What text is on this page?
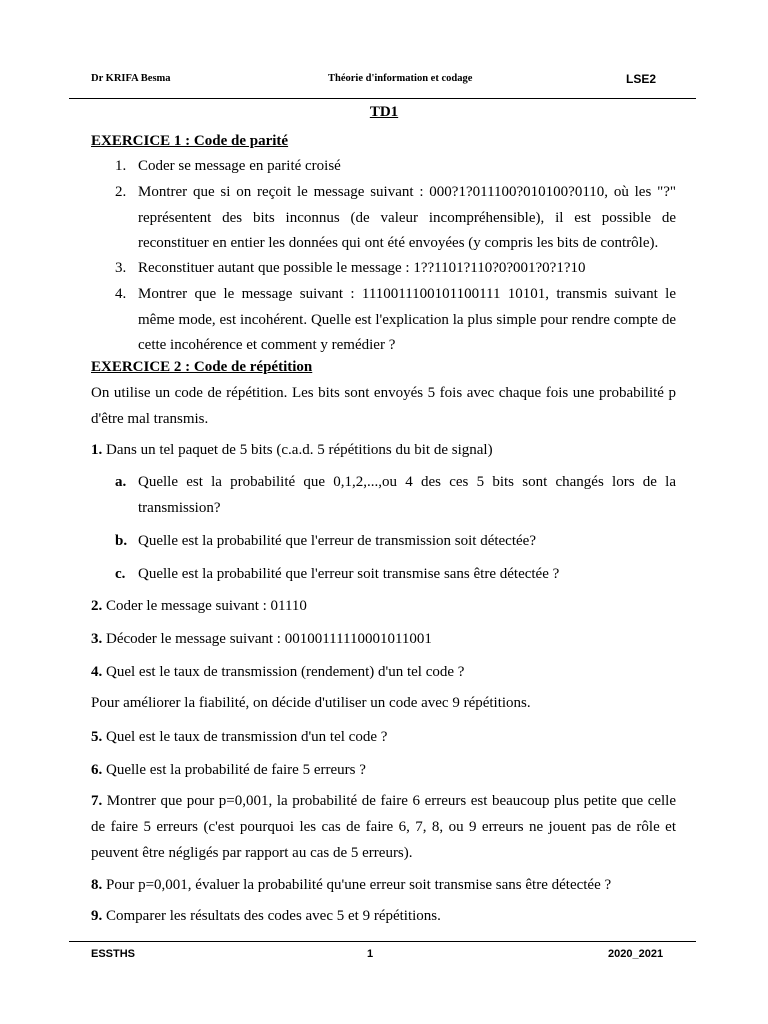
Dr KRIFA Besma	Théorie d'information et codage	LSE2
TD1
EXERCICE 1 : Code de parité
1. Coder se message en parité croisé

2. Montrer que si on reçoit le message suivant : 000?1?011100?010100?0110, où les "?" représentent des bits inconnus (de valeur incompréhensible), il est possible de reconstituer en entier les données qui ont été envoyées (y compris les bits de contrôle).

3. Reconstituer autant que possible le message : 1??1101?110?0?001?0?1?10

4. Montrer que le message suivant : 1110011100101100111 10101, transmis suivant le même mode, est incohérent. Quelle est l'explication la plus simple pour rendre compte de cette incohérence et comment y remédier ?

EXERCICE 2 : Code de répétition
On utilise un code de répétition. Les bits sont envoyés 5 fois avec chaque fois une probabilité p d'être mal transmis.
1. Dans un tel paquet de 5 bits (c.a.d. 5 répétitions du bit de signal)
a. Quelle est la probabilité que 0,1,2,...,ou 4 des ces 5 bits sont changés lors de la transmission?

b. Quelle est la probabilité que l'erreur de transmission soit détectée?

c. Quelle est la probabilité que l'erreur soit transmise sans être détectée ?

2. Coder le message suivant : 01110
3. Décoder le message suivant : 00100111110001011001
4. Quel est le taux de transmission (rendement) d'un tel code ?
Pour améliorer la fiabilité, on décide d'utiliser un code avec 9 répétitions.
5. Quel est le taux de transmission d'un tel code ?
6. Quelle est la probabilité de faire 5 erreurs ?
7. Montrer que pour p=0,001, la probabilité de faire 6 erreurs est beaucoup plus petite que celle de faire 5 erreurs (c'est pourquoi les cas de faire 6, 7, 8, ou 9 erreurs ne jouent pas de rôle et peuvent être négligés par rapport au cas de 5 erreurs).
8. Pour p=0,001, évaluer la probabilité qu'une erreur soit transmise sans être détectée ?
9. Comparer les résultats des codes avec 5 et 9 répétitions.
ESSTHS	1	2020_2021
